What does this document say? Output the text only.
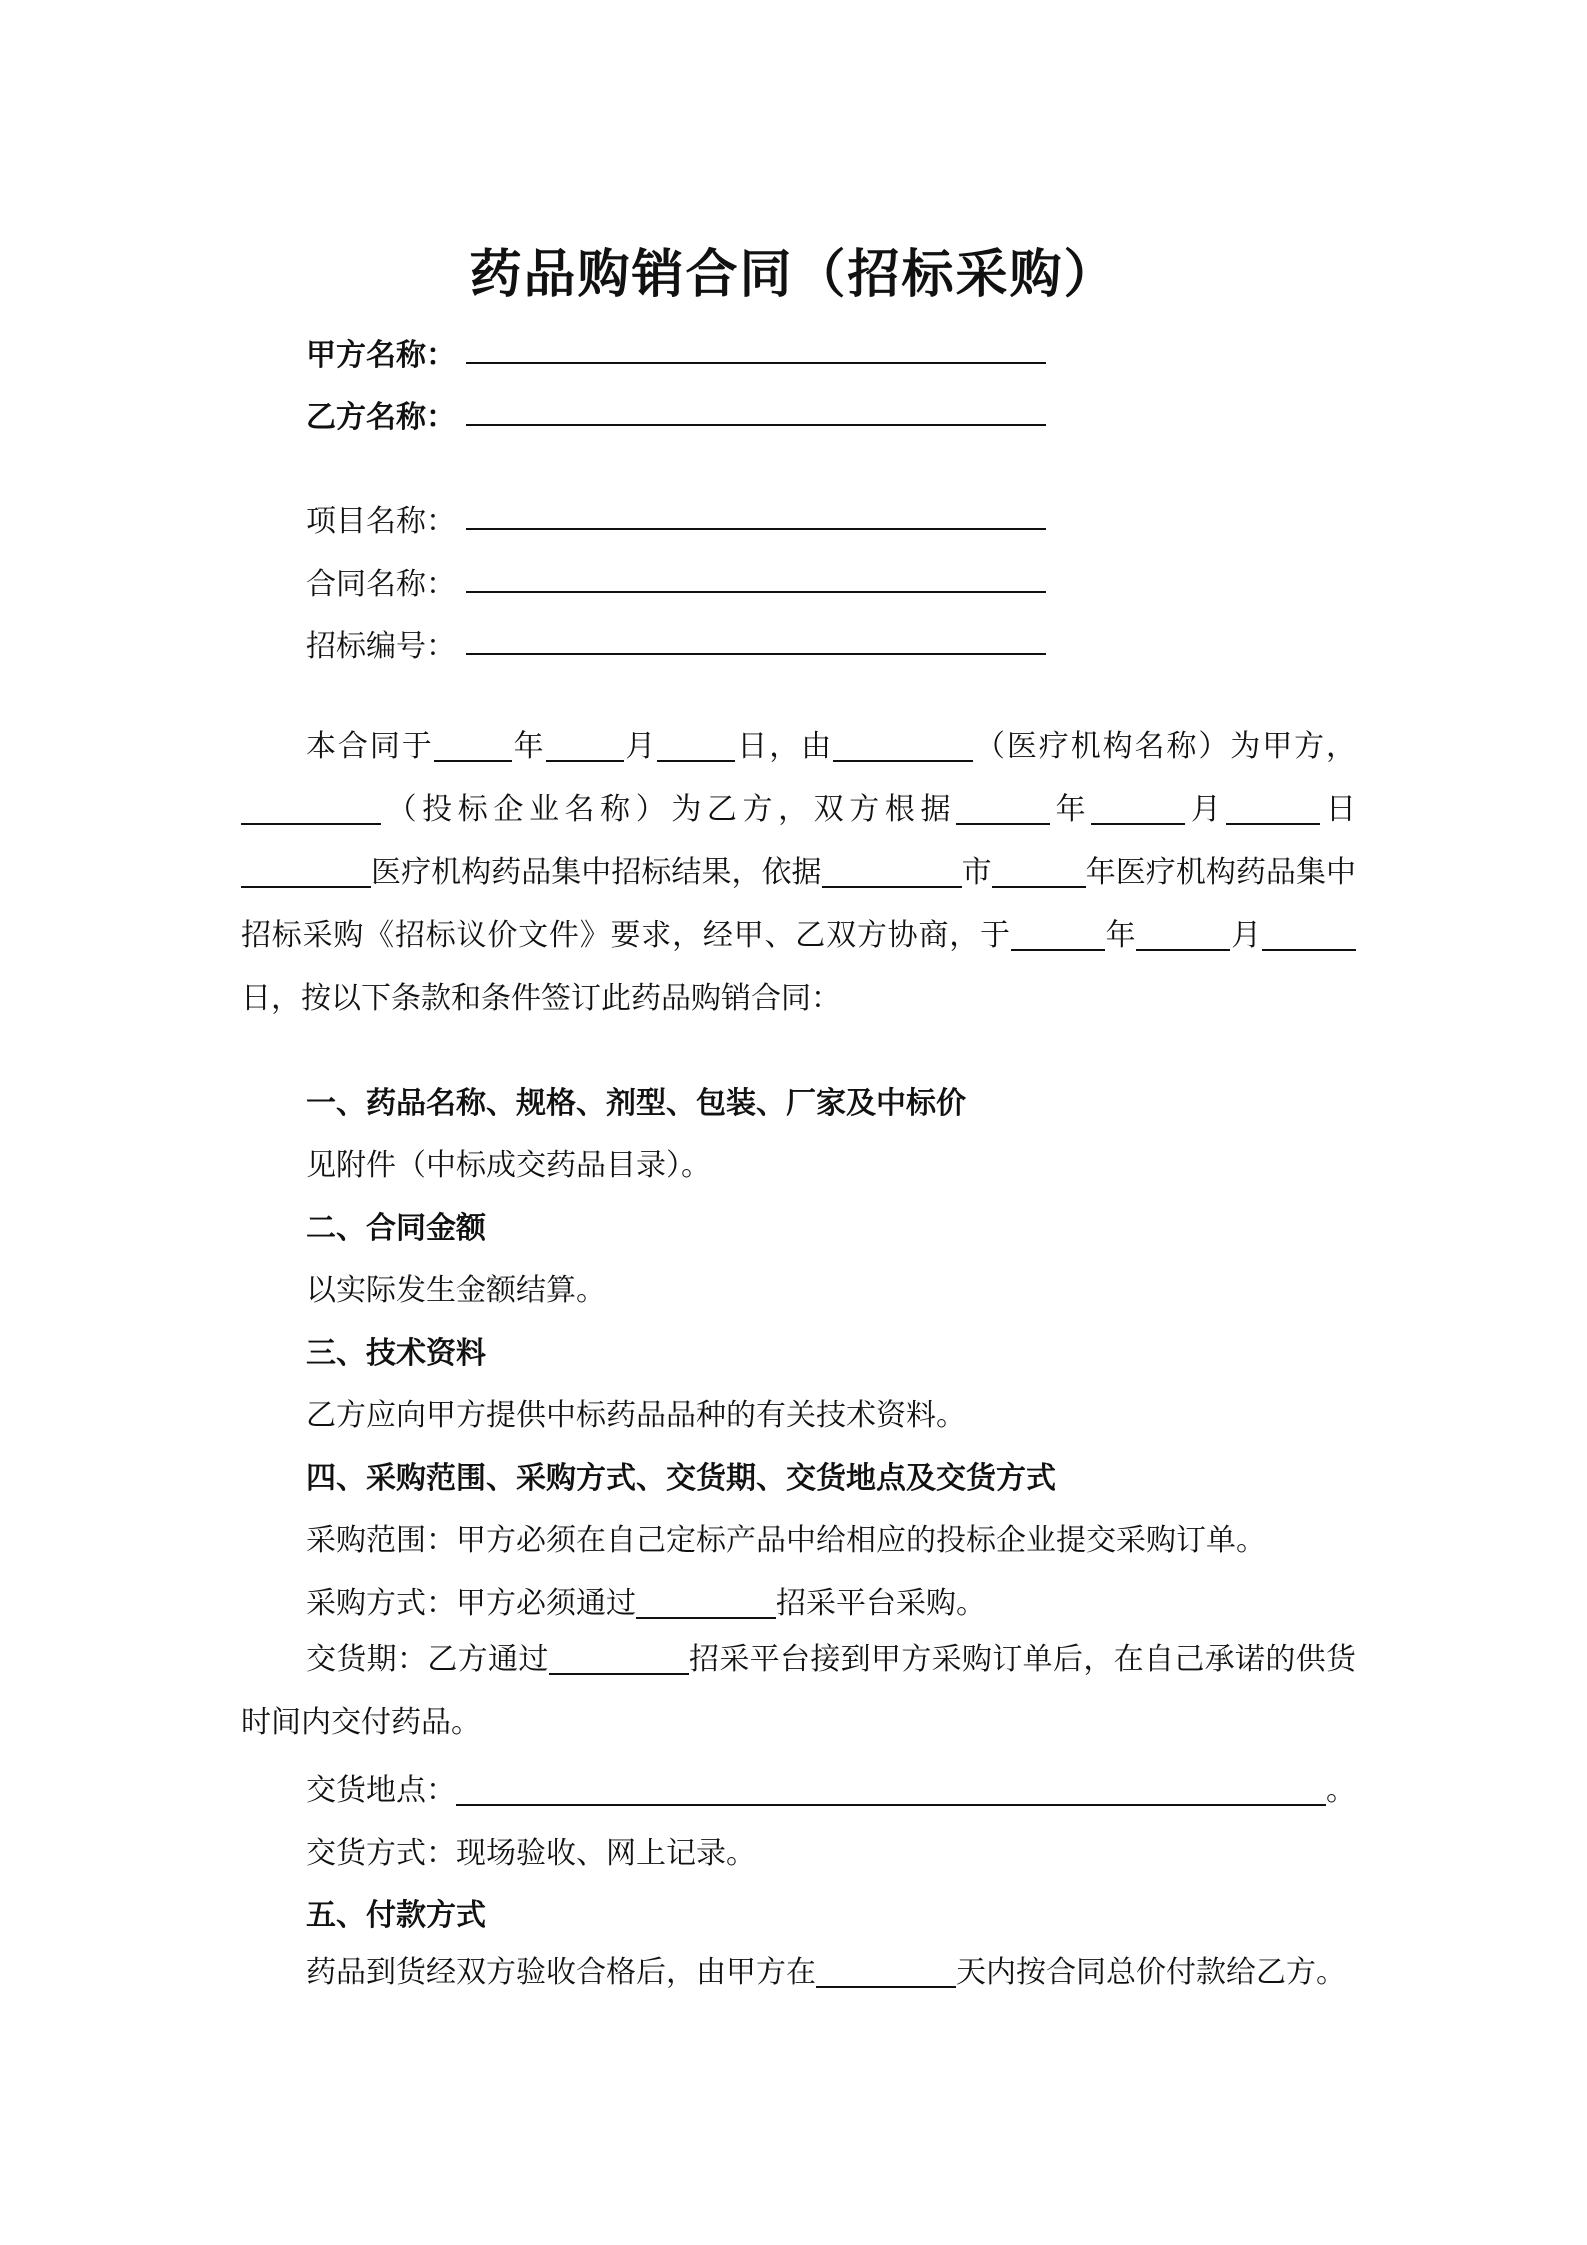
药品购销合同（招标采购）
甲方名称：
乙方名称：
项目名称：
合同名称：
招标编号：
本合同于	年	月	日，由	（医疗机构名称）为甲方，（投标企业名称）为乙方，双方根据	年	月	日医疗机构药品集中招标结果，依据	市	年医疗机构药品集中招标采购《招标议价文件》要求，经甲、乙双方协商，于	年	月日，按以下条款和条件签订此药品购销合同：
一、药品名称、规格、剂型、包装、厂家及中标价
见附件（中标成交药品目录）。
二、合同金额
以实际发生金额结算。
三、技术资料
乙方应向甲方提供中标药品品种的有关技术资料。
四、采购范围、采购方式、交货期、交货地点及交货方式
采购范围：甲方必须在自己定标产品中给相应的投标企业提交采购订单。
采购方式：甲方必须通过	招采平台采购。
交货期：乙方通过	招采平台接到甲方采购订单后，在自己承诺的供货时间内交付药品。
交货地点：	。
交货方式：现场验收、网上记录。
五、付款方式
药品到货经双方验收合格后，由甲方在	天内按合同总价付款给乙方。
